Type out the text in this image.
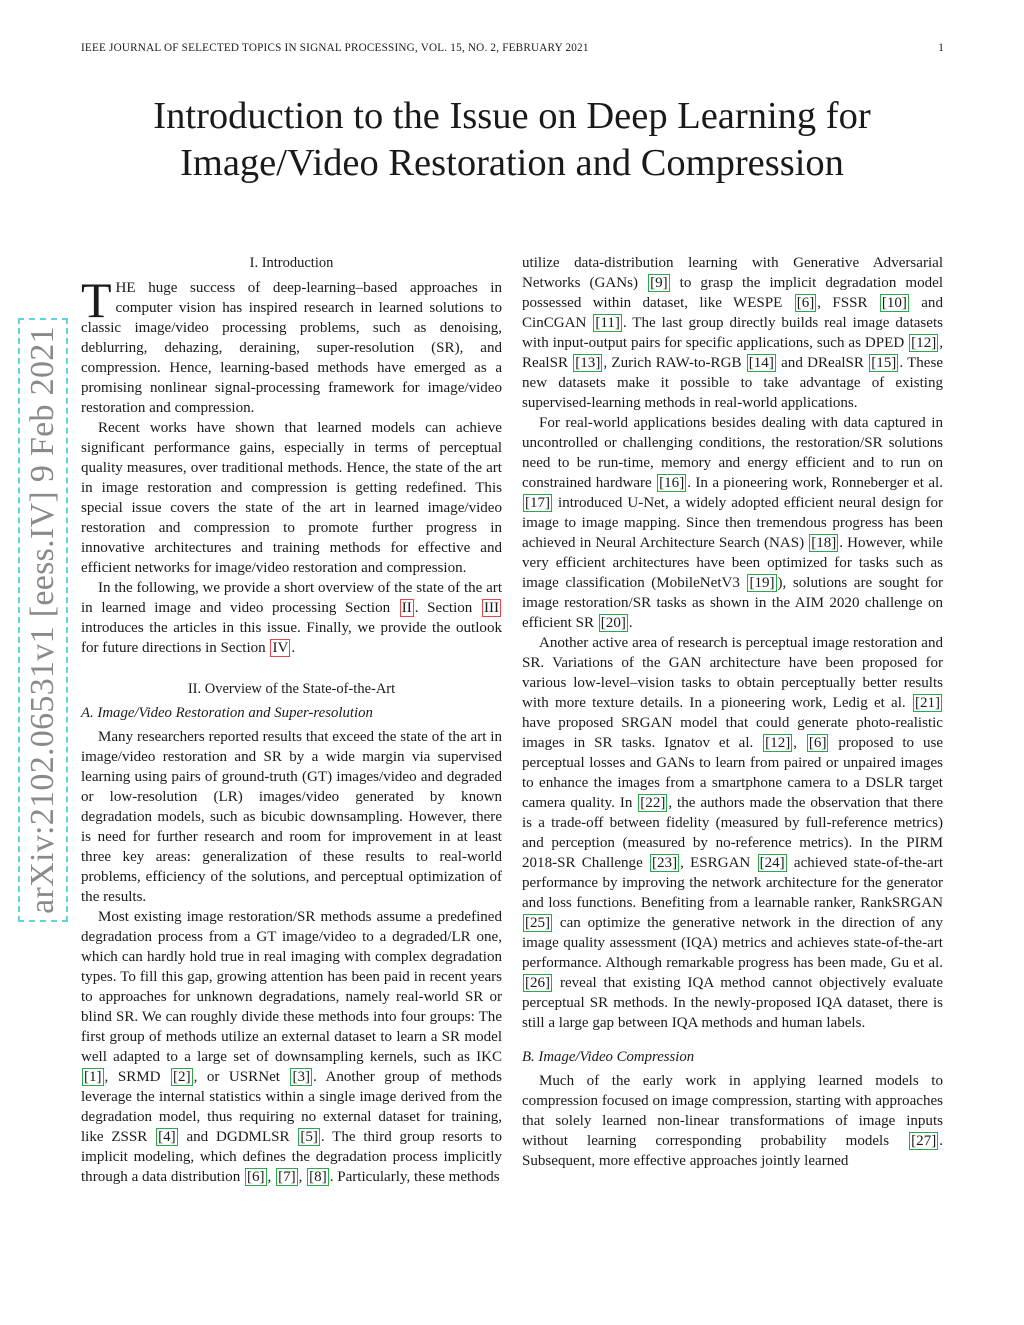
IEEE JOURNAL OF SELECTED TOPICS IN SIGNAL PROCESSING, VOL. 15, NO. 2, FEBRUARY 2021	1
Introduction to the Issue on Deep Learning for
Image/Video Restoration and Compression
arXiv:2102.06531v1 [eess.IV] 9 Feb 2021
I. Introduction

THE huge success of deep-learning–based approaches in computer vision has inspired research in learned solutions to classic image/video processing problems, such as denoising, deblurring, dehazing, deraining, super-resolution (SR), and compression. Hence, learning-based methods have emerged as a promising nonlinear signal-processing framework for image/video restoration and compression.

Recent works have shown that learned models can achieve significant performance gains, especially in terms of perceptual quality measures, over traditional methods. Hence, the state of the art in image restoration and compression is getting redefined. This special issue covers the state of the art in learned image/video restoration and compression to promote further progress in innovative architectures and training methods for effective and efficient networks for image/video restoration and compression.

In the following, we provide a short overview of the state of the art in learned image and video processing Section II . Section III introduces the articles in this issue. Finally, we provide the outlook for future directions in Section IV .

II. Overview of the State-of-the-Art

A. Image/Video Restoration and Super-resolution

Many researchers reported results that exceed the state of the art in image/video restoration and SR by a wide margin via supervised learning using pairs of ground-truth (GT) images/video and degraded or low-resolution (LR) images/video generated by known degradation models, such as bicubic downsampling. However, there is need for further research and room for improvement in at least three key areas: generalization of these results to real-world problems, efficiency of the solutions, and perceptual optimization of the results.

Most existing image restoration/SR methods assume a predefined degradation process from a GT image/video to a degraded/LR one, which can hardly hold true in real imaging with complex degradation types. To fill this gap, growing attention has been paid in recent years to approaches for unknown degradations, namely real-world SR or blind SR. We can roughly divide these methods into four groups: The first group of methods utilize an external dataset to learn a SR model well adapted to a large set of downsampling kernels, such as IKC [1] , SRMD [2] , or USRNet [3] . Another group of methods leverage the internal statistics within a single image derived from the degradation model, thus requiring no external dataset for training, like ZSSR [4] and DGDMLSR [5] . The third group resorts to implicit modeling, which defines the degradation process implicitly through a data distribution [6] , [7] , [8] . Particularly, these methods

utilize data-distribution learning with Generative Adversarial Networks (GANs) [9] to grasp the implicit degradation model possessed within dataset, like WESPE [6] , FSSR [10] and CinCGAN [11] . The last group directly builds real image datasets with input-output pairs for specific applications, such as DPED [12] , RealSR [13] , Zurich RAW-to-RGB [14] and DRealSR [15] . These new datasets make it possible to take advantage of existing supervised-learning methods in real-world applications.

For real-world applications besides dealing with data captured in uncontrolled or challenging conditions, the restoration/SR solutions need to be run-time, memory and energy efficient and to run on constrained hardware [16] . In a pioneering work, Ronneberger et al. [17] introduced U-Net, a widely adopted efficient neural design for image to image mapping. Since then tremendous progress has been achieved in Neural Architecture Search (NAS) [18] . However, while very efficient architectures have been optimized for tasks such as image classification (MobileNetV3 [19] ), solutions are sought for image restoration/SR tasks as shown in the AIM 2020 challenge on efficient SR [20] .

Another active area of research is perceptual image restoration and SR. Variations of the GAN architecture have been proposed for various low-level–vision tasks to obtain perceptually better results with more texture details. In a pioneering work, Ledig et al. [21] have proposed SRGAN model that could generate photo-realistic images in SR tasks. Ignatov et al. [12] , [6] proposed to use perceptual losses and GANs to learn from paired or unpaired images to enhance the images from a smartphone camera to a DSLR target camera quality. In [22] , the authors made the observation that there is a trade-off between fidelity (measured by full-reference metrics) and perception (measured by no-reference metrics). In the PIRM 2018-SR Challenge [23] , ESRGAN [24] achieved state-of-the-art performance by improving the network architecture for the generator and loss functions. Benefiting from a learnable ranker, RankSRGAN [25] can optimize the generative network in the direction of any image quality assessment (IQA) metrics and achieves state-of-the-art performance. Although remarkable progress has been made, Gu et al. [26] reveal that existing IQA method cannot objectively evaluate perceptual SR methods. In the newly-proposed IQA dataset, there is still a large gap between IQA methods and human labels.

B. Image/Video Compression

Much of the early work in applying learned models to compression focused on image compression, starting with approaches that solely learned non-linear transformations of image inputs without learning corresponding probability models [27] . Subsequent, more effective approaches jointly learned
